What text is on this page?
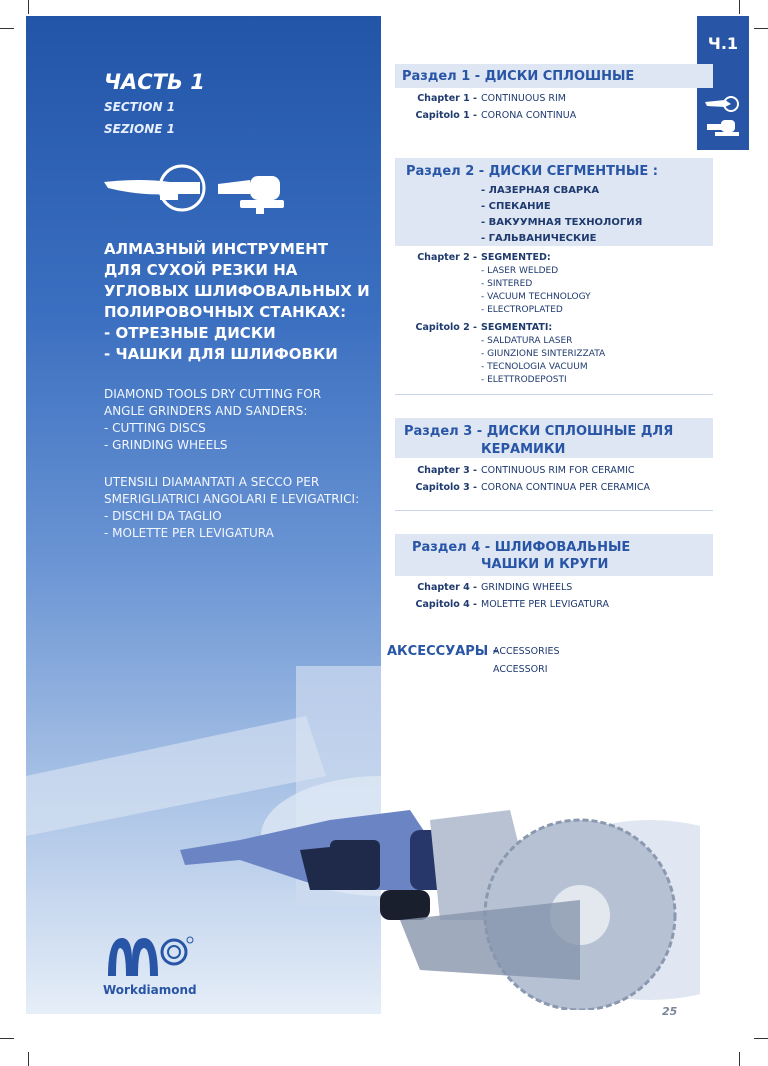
ЧАСТЬ 1
SECTION 1
SEZIONE 1
АЛМАЗНЫЙ ИНСТРУМЕНТ
ДЛЯ СУХОЙ РЕЗКИ НА
УГЛОВЫХ ШЛИФОВАЛЬНЫХ И
ПОЛИРОВОЧНЫХ СТАНКАХ:
- ОТРЕЗНЫЕ ДИСКИ
- ЧАШКИ ДЛЯ ШЛИФОВКИ
DIAMOND TOOLS DRY CUTTING FOR
ANGLE GRINDERS AND SANDERS:
- CUTTING DISCS
- GRINDING WHEELS
UTENSILI DIAMANTATI A SECCO PER
SMERIGLIATRICI ANGOLARI E LEVIGATRICI:
- DISCHI DA TAGLIO
- MOLETTE PER LEVIGATURA
Ч.1
Раздел 1 - ДИСКИ СПЛОШНЫЕ
Chapter 1 - CONTINUOUS RIM
Capitolo 1 - CORONA CONTINUA
Раздел 2 - ДИСКИ СЕГМЕНТНЫЕ :
- ЛАЗЕРНАЯ СВАРКА
- СПЕКАНИЕ
- ВАКУУМНАЯ ТЕХНОЛОГИЯ
- ГАЛЬВАНИЧЕСКИЕ
Chapter 2 - SEGMENTED:
- LASER WELDED
- SINTERED
- VACUUM TECHNOLOGY
- ELECTROPLATED
Capitolo 2 - SEGMENTATI:
- SALDATURA LASER
- GIUNZIONE SINTERIZZATA
- TECNOLOGIA VACUUM
- ELETTRODEPOSTI
Раздел 3 - ДИСКИ СПЛОШНЫЕ ДЛЯ
КЕРАМИКИ
Chapter 3 - CONTINUOUS RIM FOR CERAMIC
Capitolo 3 - CORONA CONTINUA PER CERAMICA
Раздел 4 - ШЛИФОВАЛЬНЫЕ
ЧАШКИ И КРУГИ
Chapter 4 - GRINDING WHEELS
Capitolo 4 - MOLETTE PER LEVIGATURA
АКСЕССУАРЫ -
ACCESSORIES
ACCESSORI
Workdiamond
25
